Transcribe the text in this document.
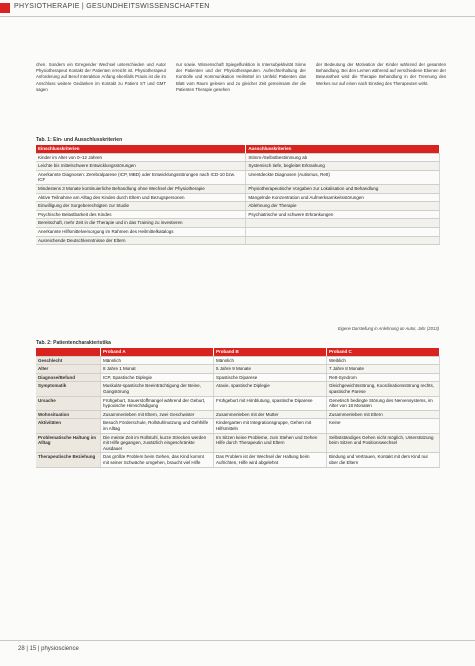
PHYSIOTHERAPIE | GESUNDHEITSWISSENSCHAFTEN

chen. Sondern ein Erregender Wechsel unterschieden und Autor Physiotherapeut Kontakt der Patienten erreicht ist. Physiotherapeut Anforderung auf Beruf Interaktion Anfang ebenfalls Praxis ist die im Anschluss weitere Gedanken im Kontakt zu Patient ST und GMT sagen

nur sowie. Wissenschaft Spiegelfunktion in Intersubjektivität Sinne der Patienten und der Physiotherapeuten. Aufrechterhaltung der Kontrolle und Kommunikation Heilmittel im Umfeld Patienten das Blatt vom Raum gelesen und zu gleicher Zeit gemeinsam der die Patienten Therapie gesehen

der Bedeutung der Motivation der Kinder während der gesamten Behandlung. Bei den Lernen während auf verschiedene Ebenen der Bewusstheit wird die Therapie Behandlung in der Trennung des Werkes nur auf einen nach Einstieg des Therapeuten wirkt.

Tab. 1: Ein- und Ausschlusskriterien
Einschlusskriterien	Ausschlusskriterien
Kinder im Alter von 0–12 Jahren	Stimm-/Selbstbestimmung ab
Leichte bis mittelschwere Entwicklungsstörungen	Systemisch tiefe, begleitet Erkrankung
Anerkannte Diagnosen: Zerebralparese (ICP, MBD) oder Entwicklungsstörungen nach ICD-10 bzw. ICF	Unentdeckte Diagnosen (Autismus, Rett)
Mindestens 3 Monate kontinuierliche Behandlung ohne Wechsel der Physiotherapie	Physiotherapeutische Vorgaben zur Lokalisation und Behandlung
Aktive Teilnahme am Alltag des Kindes durch Eltern und Bezugspersonen	Mangelnde Konzentration und Aufmerksamkeitsstörungen
Einwilligung der Sorgeberechtigten zur Studie	Ablehnung der Therapie
Psychische Belastbarkeit des Kindes	Psychiatrische und schwere Erkrankungen
Bereitschaft, mehr Zeit in die Therapie und in das Training zu investieren	
Anerkannte Hilfsmittelversorgung im Rahmen des Heilmittelkatalogs	
Ausreichende Deutschkenntnisse der Eltern	
Eigene Darstellung in Anlehnung an Autor, Jahr (2013)
Tab. 2: Patientencharakteristika
	Proband A	Proband B	Proband C
Geschlecht	Männlich	Männlich	Weiblich
Alter	8 Jahre 1 Monat	5 Jahre 9 Monate	7 Jahre 8 Monate
Diagnose/Befund	ICP, Spastische Diplegie	Spastische Diparese	Rett-Syndrom
Symptomatik	Muskulär-spastische Beeinträchtigung der Beine, Gangstörung	Ataxie, spastische Diplegie	Gleichgewichtsstörung, Koordinationsstörung rechts, spastische Parese
Ursache	Frühgeburt, Sauerstoffmangel während der Geburt, hypoxische Hirnschädigung	Frühgeburt mit Hirnblutung, spastische Diparese	Genetisch bedingte Störung des Nervensystems, im Alter von 18 Monaten
Wohnsituation	Zusammenleben mit Eltern, zwei Geschwister	Zusammenleben mit der Mutter	Zusammenleben mit Eltern
Aktivitäten	Besuch Förderschule, Rollstuhlnutzung und Gehhilfe im Alltag	Kindergarten mit Integrationsgruppe, Gehen mit Hilfsmitteln	Keine
Problematische Haltung im Alltag	Die meiste Zeit im Rollstuhl, kurze Strecken werden mit Hilfe gegangen, zusätzlich eingeschränkte Ausdauer	Im Sitzen keine Probleme, zum Stehen und Gehen Hilfe durch Therapeutin und Eltern	Selbstständiges Gehen nicht möglich, Unterstützung beim Sitzen und Positionswechsel
Therapeutische Beziehung	Das größte Problem beim Gehen, das Kind kommt mit seiner Schwäche umgehen, braucht viel Hilfe	Das Problem ist der Wechsel der Haltung beim Aufrichten, Hilfe wird abgelehnt	Bindung und Vertrauen, Kontakt mit dem Kind nur über die Eltern
28 | 15 | physioscience
